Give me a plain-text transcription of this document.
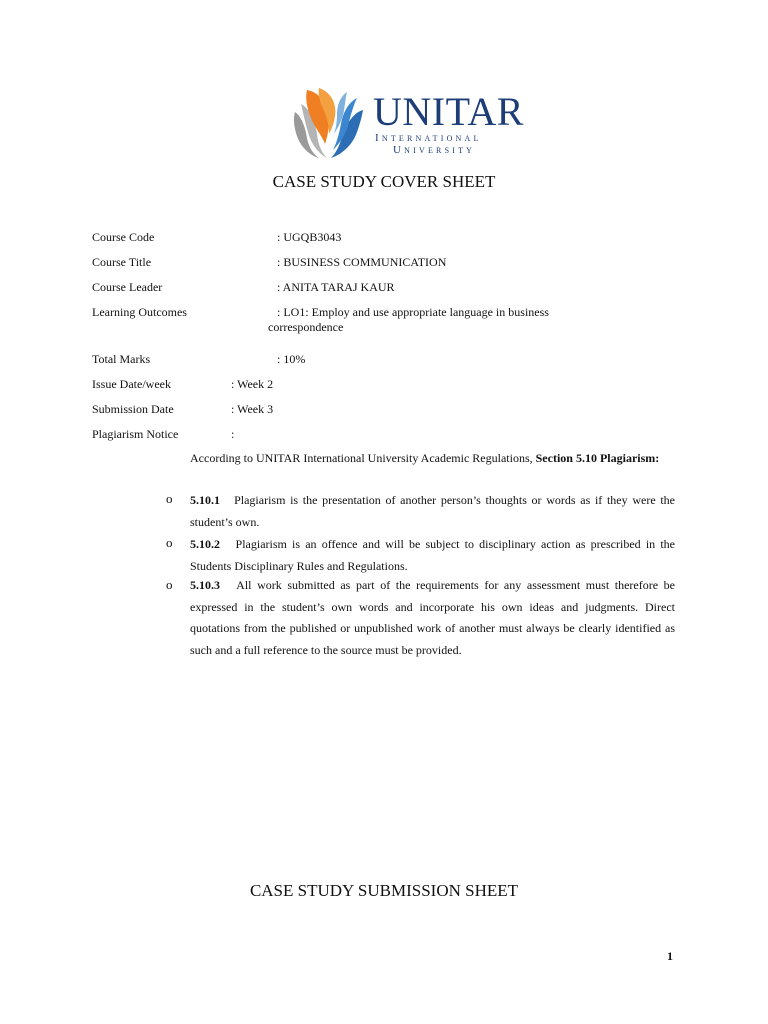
UNITAR
International
University
CASE STUDY COVER SHEET
Course Code	: UGQB3043
Course Title	: BUSINESS COMMUNICATION
Course Leader	: ANITA TARAJ KAUR
Learning Outcomes	: LO1: Employ and use appropriate language in business
correspondence
Total Marks	: 10%
Issue Date/week	: Week 2
Submission Date	: Week 3
Plagiarism Notice	:
According to UNITAR International University Academic Regulations, Section 5.10 Plagiarism:
o 5.10.1 Plagiarism is the presentation of another person’s thoughts or words as if they were the student’s own.
o 5.10.2 Plagiarism is an offence and will be subject to disciplinary action as prescribed in the Students Disciplinary Rules and Regulations.
o 5.10.3 All work submitted as part of the requirements for any assessment must therefore be expressed in the student’s own words and incorporate his own ideas and judgments. Direct quotations from the published or unpublished work of another must always be clearly identified as such and a full reference to the source must be provided.
CASE STUDY SUBMISSION SHEET
1
